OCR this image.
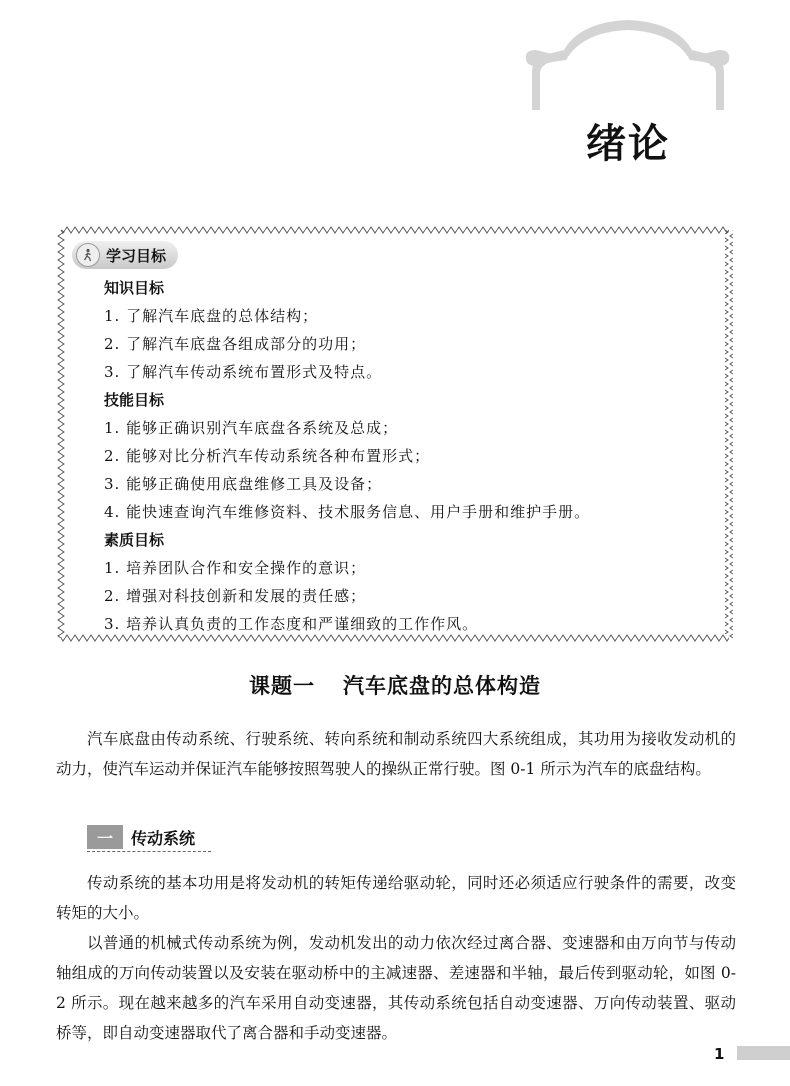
绪论
学习目标
知识目标
1. 了解汽车底盘的总体结构；
2. 了解汽车底盘各组成部分的功用；
3. 了解汽车传动系统布置形式及特点。
技能目标
1. 能够正确识别汽车底盘各系统及总成；
2. 能够对比分析汽车传动系统各种布置形式；
3. 能够正确使用底盘维修工具及设备；
4. 能快速查询汽车维修资料、技术服务信息、用户手册和维护手册。
素质目标
1. 培养团队合作和安全操作的意识；
2. 增强对科技创新和发展的责任感；
3. 培养认真负责的工作态度和严谨细致的工作作风。
课题一 汽车底盘的总体构造
汽车底盘由传动系统、行驶系统、转向系统和制动系统四大系统组成，其功用为接收发动机的动力，使汽车运动并保证汽车能够按照驾驶人的操纵正常行驶。图 0-1 所示为汽车的底盘结构。
一	传动系统
传动系统的基本功用是将发动机的转矩传递给驱动轮，同时还必须适应行驶条件的需要，改变转矩的大小。
以普通的机械式传动系统为例，发动机发出的动力依次经过离合器、变速器和由万向节与传动轴组成的万向传动装置以及安装在驱动桥中的主减速器、差速器和半轴，最后传到驱动轮，如图 0-2 所示。现在越来越多的汽车采用自动变速器，其传动系统包括自动变速器、万向传动装置、驱动桥等，即自动变速器取代了离合器和手动变速器。
1
